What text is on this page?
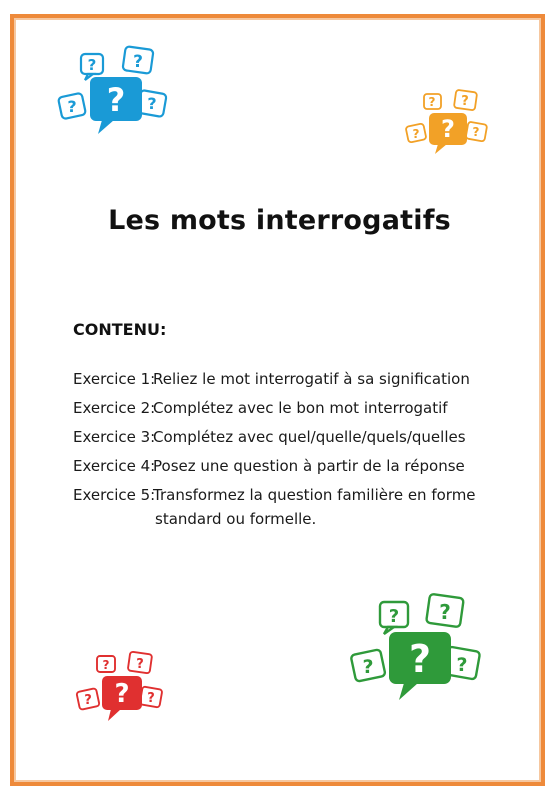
? ?
?	?
?	? ?
?	?
?
? ?
?	?
?
? ?
?	?
?
Les mots interrogatifs
CONTENU:
Exercice 1:Reliez le mot interrogatif à sa signification
Exercice 2:Complétez avec le bon mot interrogatif
Exercice 3:Complétez avec quel/quelle/quels/quelles
Exercice 4:Posez une question à partir de la réponse
Exercice 5:Transformez la question familière en forme
standard ou formelle.
